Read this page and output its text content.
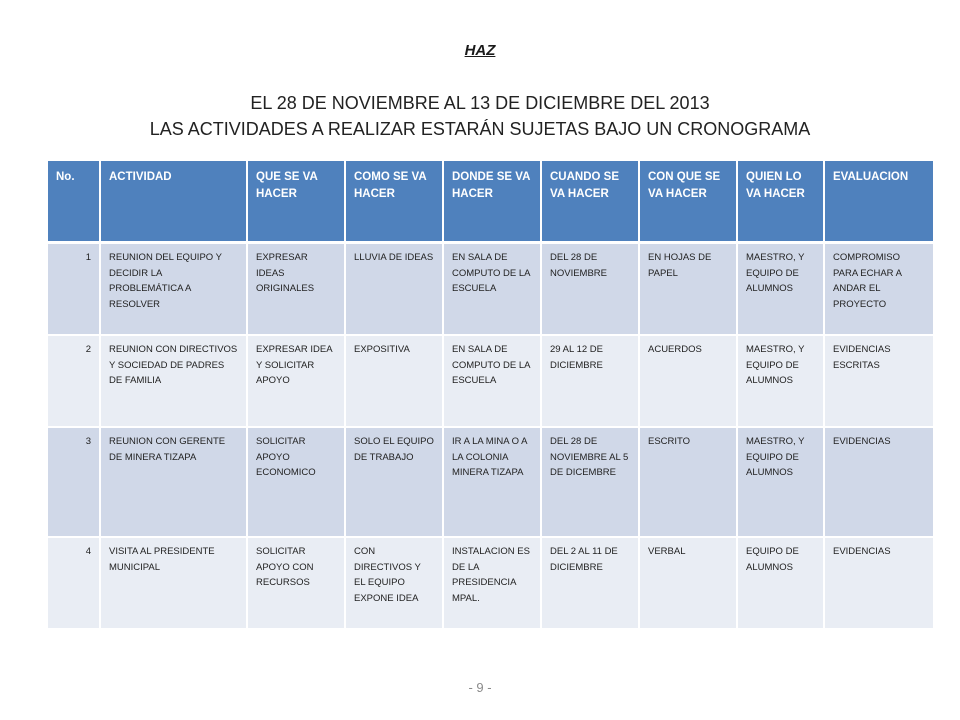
HAZ

EL 28 DE NOVIEMBRE AL 13 DE DICIEMBRE DEL 2013
LAS ACTIVIDADES A REALIZAR ESTARÁN SUJETAS BAJO UN CRONOGRAMA

No.	ACTIVIDAD	QUE SE VA HACER	COMO SE VA HACER	DONDE SE VA HACER	CUANDO SE VA HACER	CON QUE SE VA HACER	QUIEN LO VA HACER	EVALUACION
1	REUNION DEL EQUIPO Y DECIDIR LA PROBLEMÁTICA A RESOLVER	EXPRESAR IDEAS ORIGINALES	LLUVIA DE IDEAS	EN SALA DE COMPUTO DE LA ESCUELA	DEL 28 DE NOVIEMBRE	EN HOJAS DE PAPEL	MAESTRO, Y EQUIPO DE ALUMNOS	COMPROMISO PARA ECHAR A ANDAR EL PROYECTO
2	REUNION CON DIRECTIVOS Y SOCIEDAD DE PADRES DE FAMILIA	EXPRESAR IDEA Y SOLICITAR APOYO	EXPOSITIVA	EN SALA DE COMPUTO DE LA ESCUELA	29 AL 12 DE DICIEMBRE	ACUERDOS	MAESTRO, Y EQUIPO DE ALUMNOS	EVIDENCIAS ESCRITAS
3	REUNION CON GERENTE DE MINERA TIZAPA	SOLICITAR APOYO ECONOMICO	SOLO EL EQUIPO DE TRABAJO	IR A LA MINA O A LA COLONIA MINERA TIZAPA	DEL 28 DE NOVIEMBRE AL 5 DE DICEMBRE	ESCRITO	MAESTRO, Y EQUIPO DE ALUMNOS	EVIDENCIAS
4	VISITA AL PRESIDENTE MUNICIPAL	SOLICITAR APOYO CON RECURSOS	CON DIRECTIVOS Y EL EQUIPO EXPONE IDEA	INSTALACION ES DE LA PRESIDENCIA MPAL.	DEL 2 AL 11 DE DICIEMBRE	VERBAL	EQUIPO DE ALUMNOS	EVIDENCIAS
- 9 -
